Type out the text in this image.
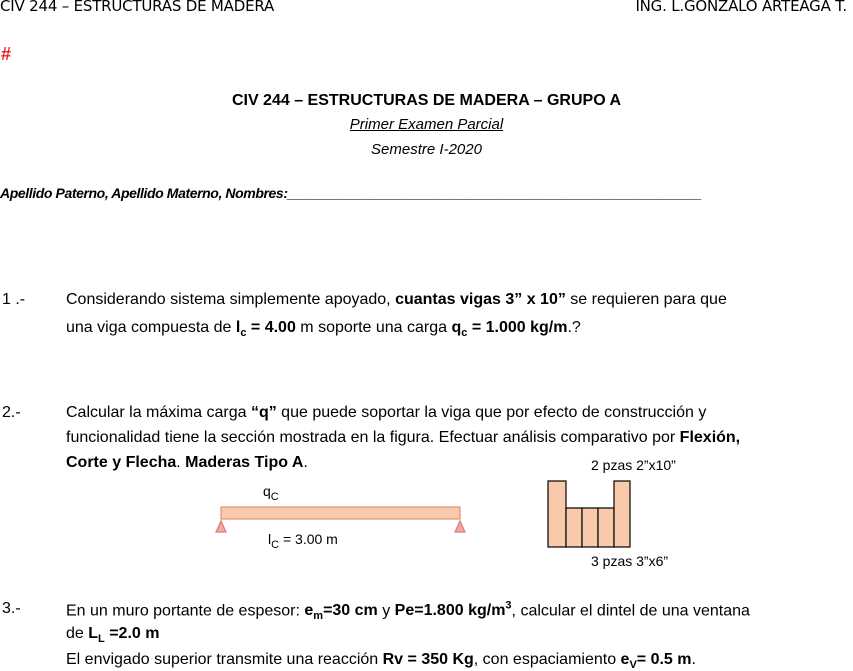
CIV 244 – ESTRUCTURAS DE MADERA	ING. L.GONZALO ARTEAGA T.
#
CIV 244 – ESTRUCTURAS DE MADERA – GRUPO A
Primer Examen Parcial
Semestre I-2020
Apellido Paterno, Apellido Materno, Nombres:________________________________________________________
1 .-	Considerando sistema simplemente apoyado, cuantas vigas 3” x 10” se requieren para que
una viga compuesta de $l_c = 4.00$ m soporte una carga $q_c = 1.000$ kg/m.?
2.-	Calcular la máxima carga “q” que puede soportar la viga que por efecto de construcción y
funcionalidad tiene la sección mostrada en la figura. Efectuar análisis comparativo por Flexión,
Corte y Flecha. Maderas Tipo A.
$q_C$
$l_C = 3.00$ m
2 pzas 2”x10”
3 pzas 3”x6”
3.-	En un muro portante de espesor: $e_m=30$ cm y Pe=1.800 $kg/m^3$, calcular el dintel de una ventana
de $L_L =2.0$ m
El envigado superior transmite una reacción Rv = 350 Kg, con espaciamiento $e_V= 0.5$ m.
